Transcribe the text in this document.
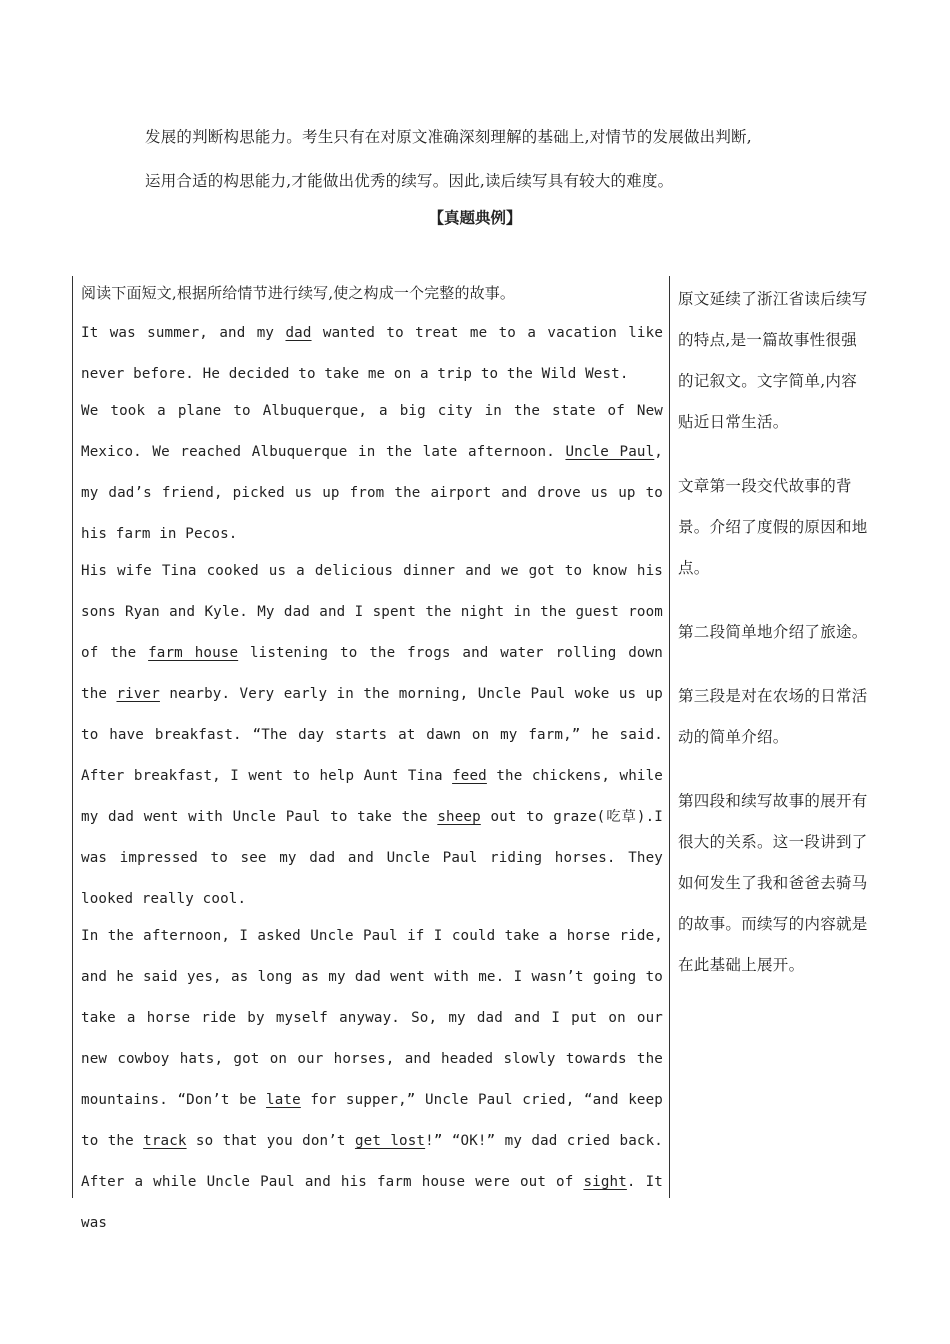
发展的判断构思能力。考生只有在对原文准确深刻理解的基础上,对情节的发展做出判断,
运用合适的构思能力,才能做出优秀的续写。因此,读后续写具有较大的难度。
【真题典例】

阅读下面短文,根据所给情节进行续写,使之构成一个完整的故事。

It was summer, and my dad wanted to treat me to a vacation like never before. He decided to take me on a trip to the Wild West.

We took a plane to Albuquerque, a big city in the state of New Mexico. We reached Albuquerque in the late afternoon. Uncle Paul, my dad’s friend, picked us up from the airport and drove us up to his farm in Pecos.

His wife Tina cooked us a delicious dinner and we got to know his sons Ryan and Kyle. My dad and I spent the night in the guest room of the farm house listening to the frogs and water rolling down the river nearby. Very early in the morning, Uncle Paul woke us up to have breakfast. “The day starts at dawn on my farm,” he said. After breakfast, I went to help Aunt Tina feed the chickens, while my dad went with Uncle Paul to take the sheep out to graze(吃草).I was impressed to see my dad and Uncle Paul riding horses. They looked really cool.

In the afternoon, I asked Uncle Paul if I could take a horse ride, and he said yes, as long as my dad went with me. I wasn’t going to take a horse ride by myself anyway. So, my dad and I put on our new cowboy hats, got on our horses, and headed slowly towards the mountains. “Don’t be late for supper,” Uncle Paul cried, “and keep to the track so that you don’t get lost!” “OK!” my dad cried back. After a while Uncle Paul and his farm house were out of sight. It was

原文延续了浙江省读后续写的特点,是一篇故事性很强的记叙文。文字简单,内容贴近日常生活。

文章第一段交代故事的背景。介绍了度假的原因和地点。

第二段简单地介绍了旅途。

第三段是对在农场的日常活动的简单介绍。

第四段和续写故事的展开有很大的关系。这一段讲到了如何发生了我和爸爸去骑马的故事。而续写的内容就是在此基础上展开。
